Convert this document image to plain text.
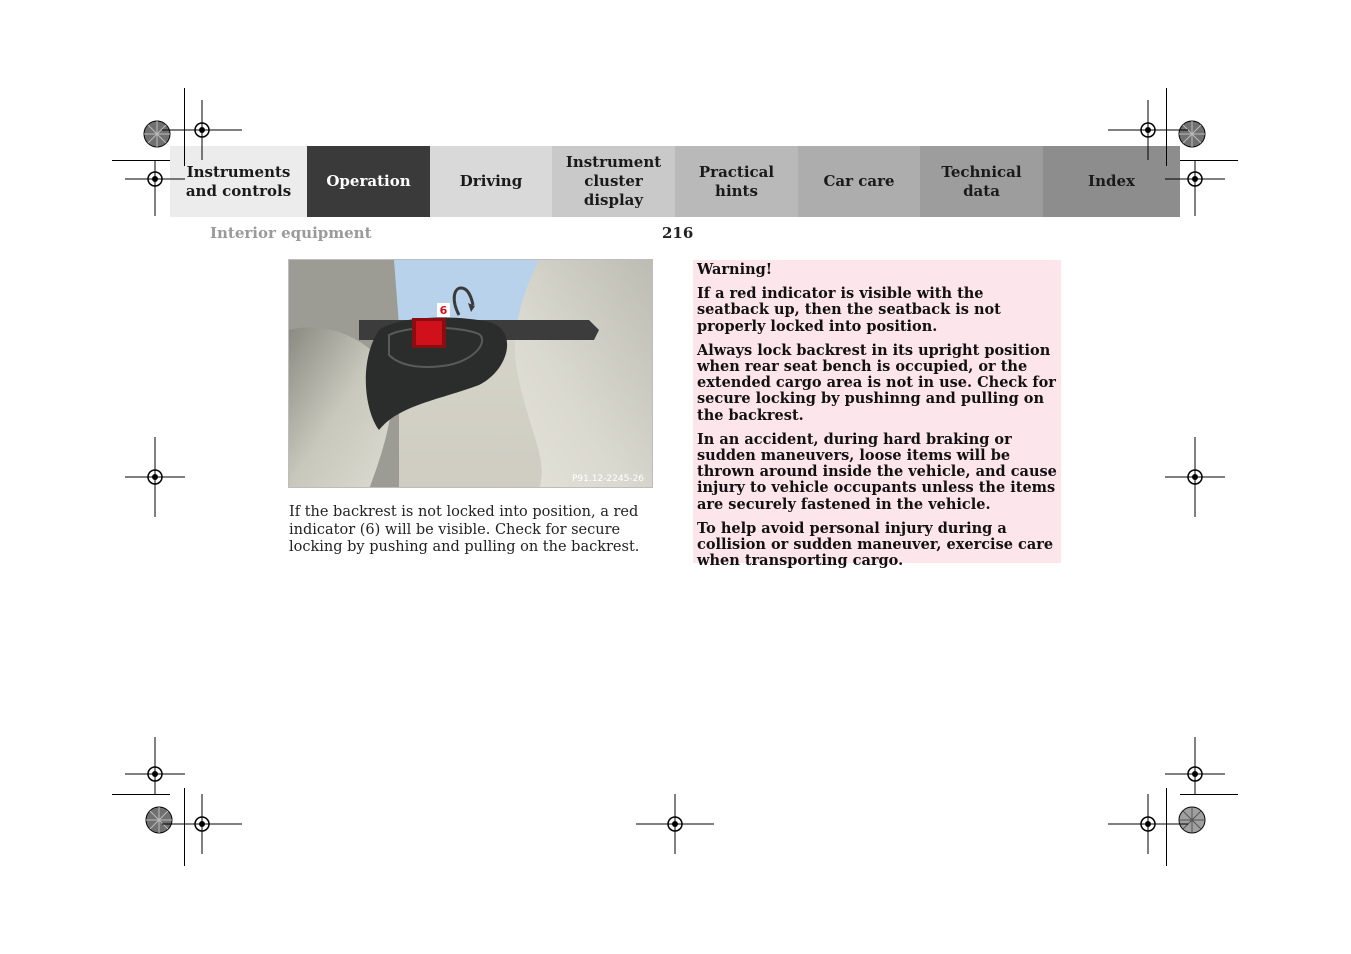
Instruments
and controls
Operation	Driving
Instrument
cluster display
Practical hints
Car care
Technical
data
Index
Interior equipment	216
6
P91.12-2245-26
If the backrest is not locked into position, a red indicator (6) will be visible. Check for secure locking by pushing and pulling on the backrest.

Warning!

If a red indicator is visible with the seatback up, then the seatback is not properly locked into position.

Always lock backrest in its upright position when rear seat bench is occupied, or the extended cargo area is not in use. Check for secure locking by pushinng and pulling on the backrest.

In an accident, during hard braking or sudden maneuvers, loose items will be thrown around inside the vehicle, and cause injury to vehicle occupants unless the items are securely fastened in the vehicle.

To help avoid personal injury during a collision or sudden maneuver, exercise care when transporting cargo.
